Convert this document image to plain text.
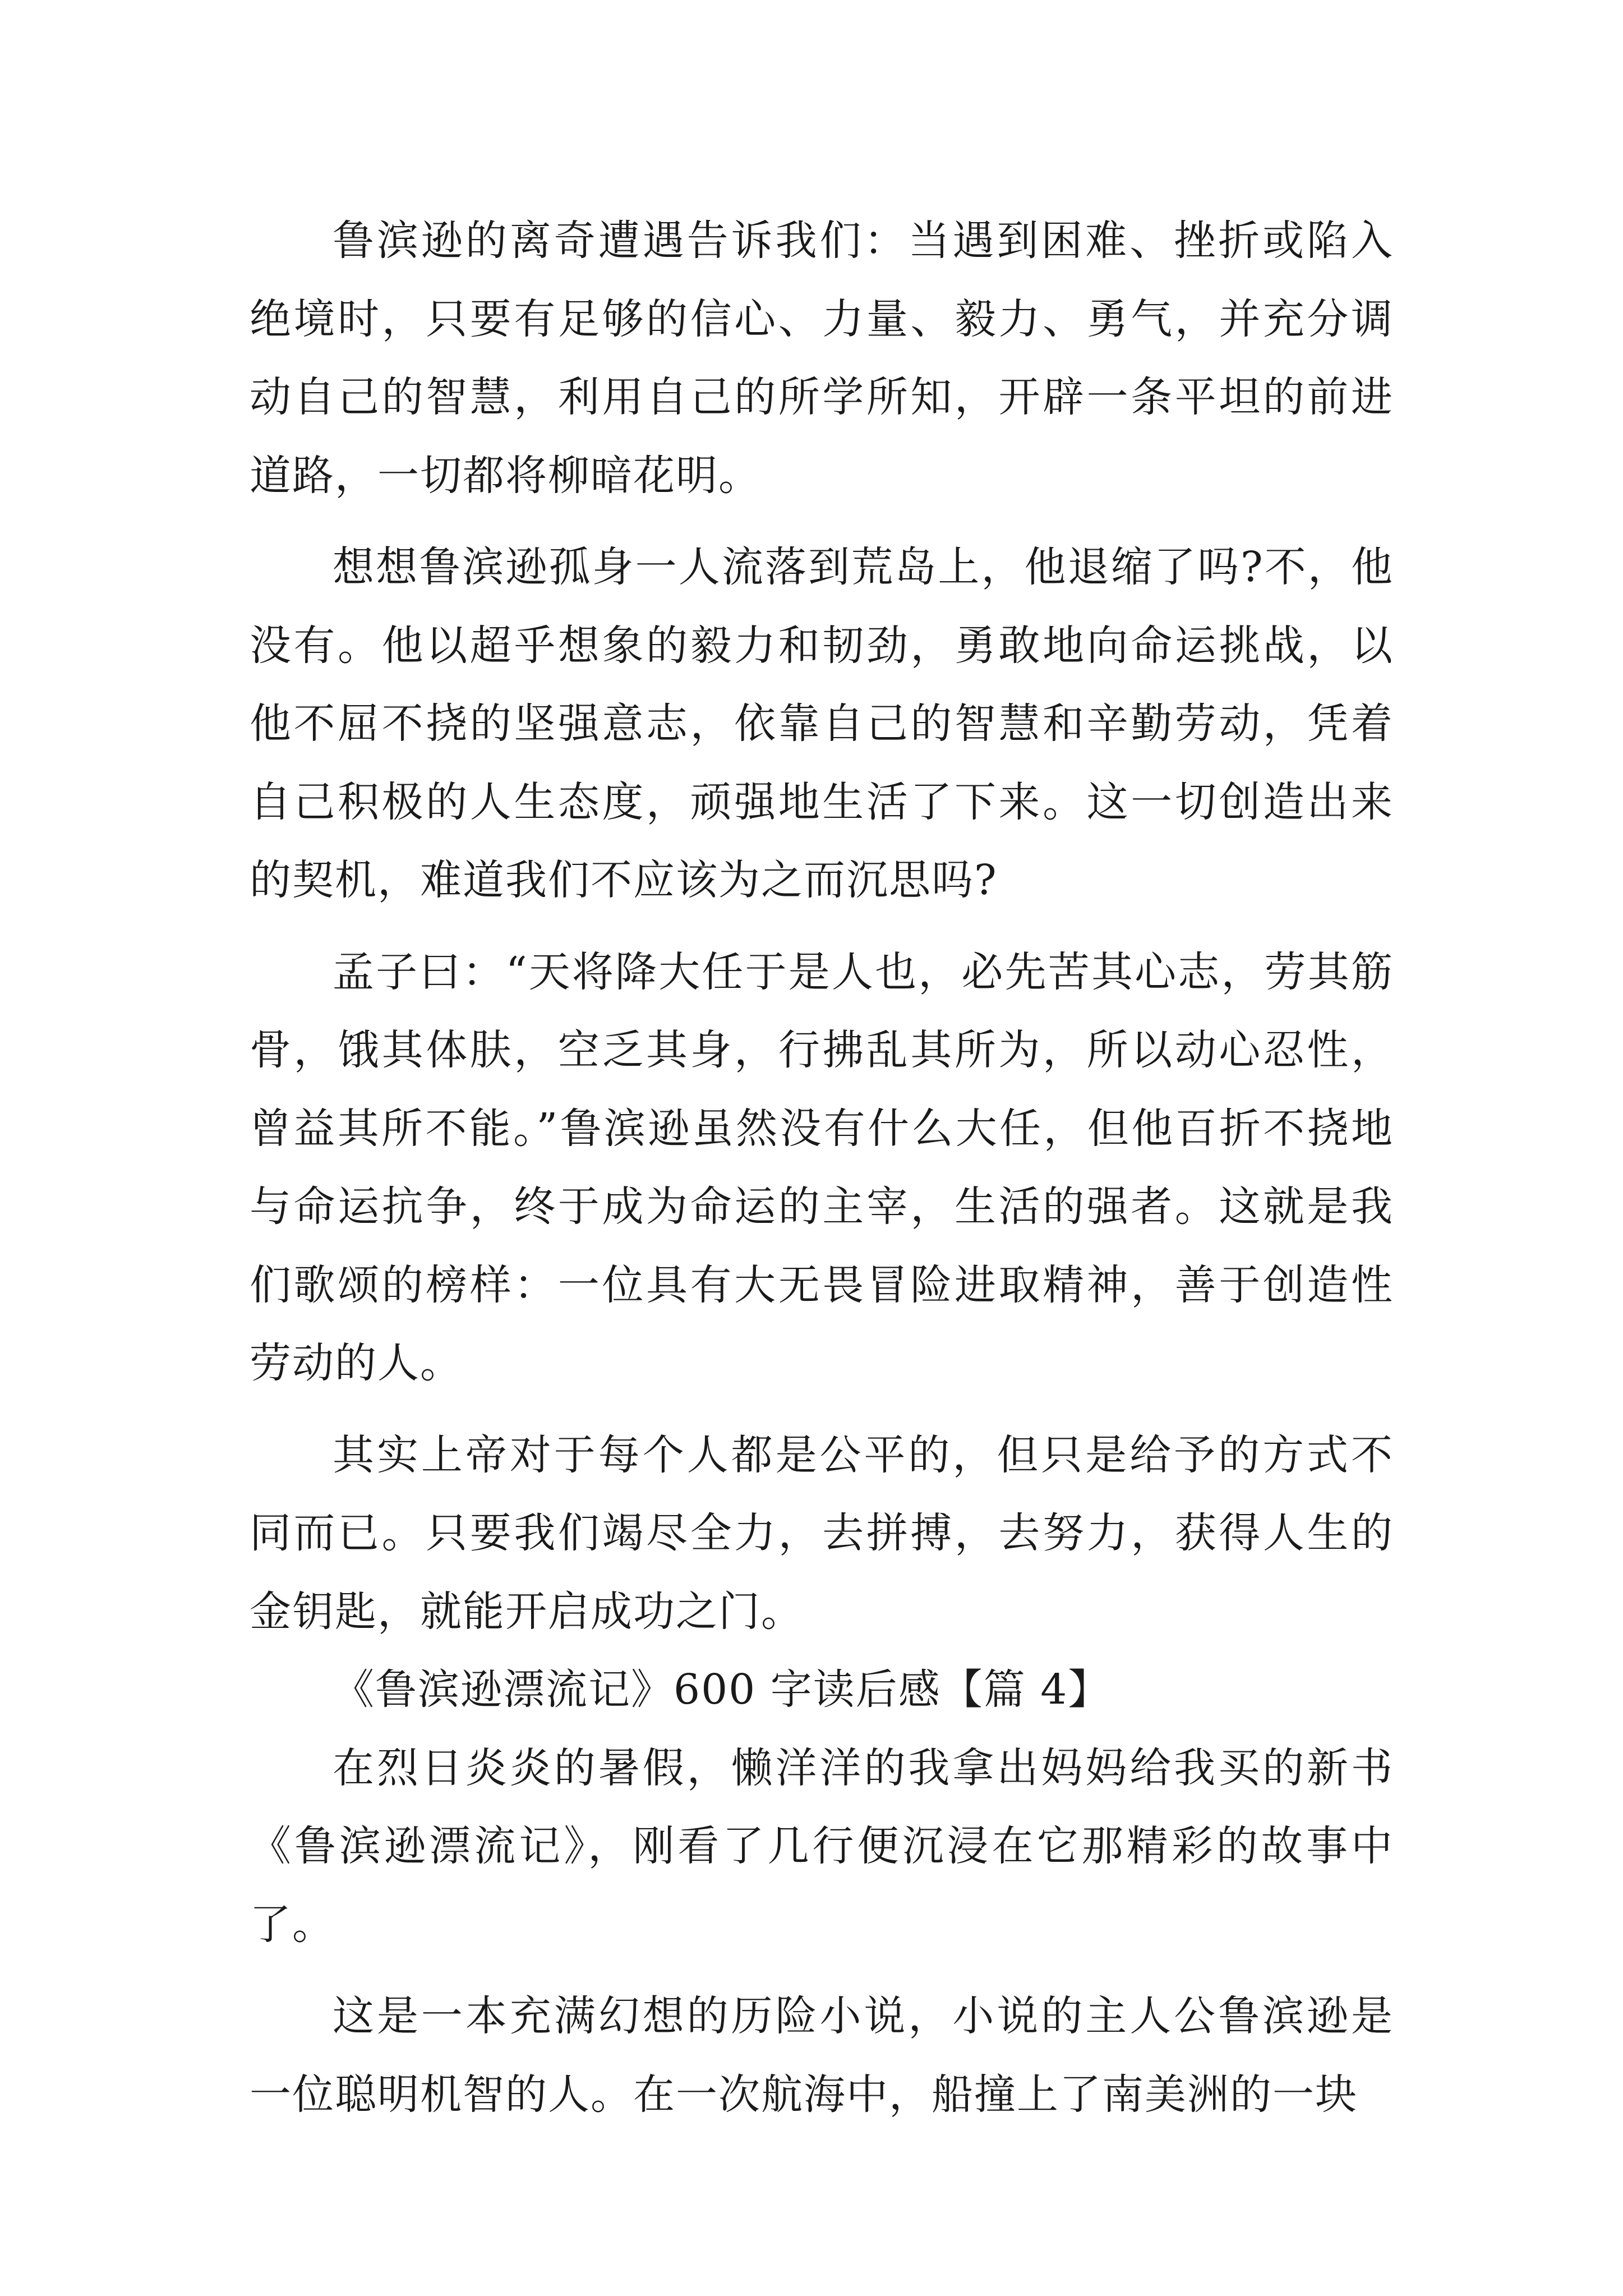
鲁滨逊的离奇遭遇告诉我们：当遇到困难、挫折或陷入绝境时，只要有足够的信心、力量、毅力、勇气，并充分调动自己的智慧，利用自己的所学所知，开辟一条平坦的前进道路，一切都将柳暗花明。

想想鲁滨逊孤身一人流落到荒岛上，他退缩了吗?不，他没有。他以超乎想象的毅力和韧劲，勇敢地向命运挑战，以他不屈不挠的坚强意志，依靠自己的智慧和辛勤劳动，凭着自己积极的人生态度，顽强地生活了下来。这一切创造出来的契机，难道我们不应该为之而沉思吗?

孟子曰：“天将降大任于是人也，必先苦其心志，劳其筋骨，饿其体肤，空乏其身，行拂乱其所为，所以动心忍性，曾益其所不能。”鲁滨逊虽然没有什么大任，但他百折不挠地与命运抗争，终于成为命运的主宰，生活的强者。这就是我们歌颂的榜样：一位具有大无畏冒险进取精神，善于创造性劳动的人。

其实上帝对于每个人都是公平的，但只是给予的方式不同而已。只要我们竭尽全力，去拼搏，去努力，获得人生的金钥匙，就能开启成功之门。

《鲁滨逊漂流记》600 字读后感【篇 4】

在烈日炎炎的暑假，懒洋洋的我拿出妈妈给我买的新书《鲁滨逊漂流记》，刚看了几行便沉浸在它那精彩的故事中了。

这是一本充满幻想的历险小说，小说的主人公鲁滨逊是一位聪明机智的人。在一次航海中，船撞上了南美洲的一块
